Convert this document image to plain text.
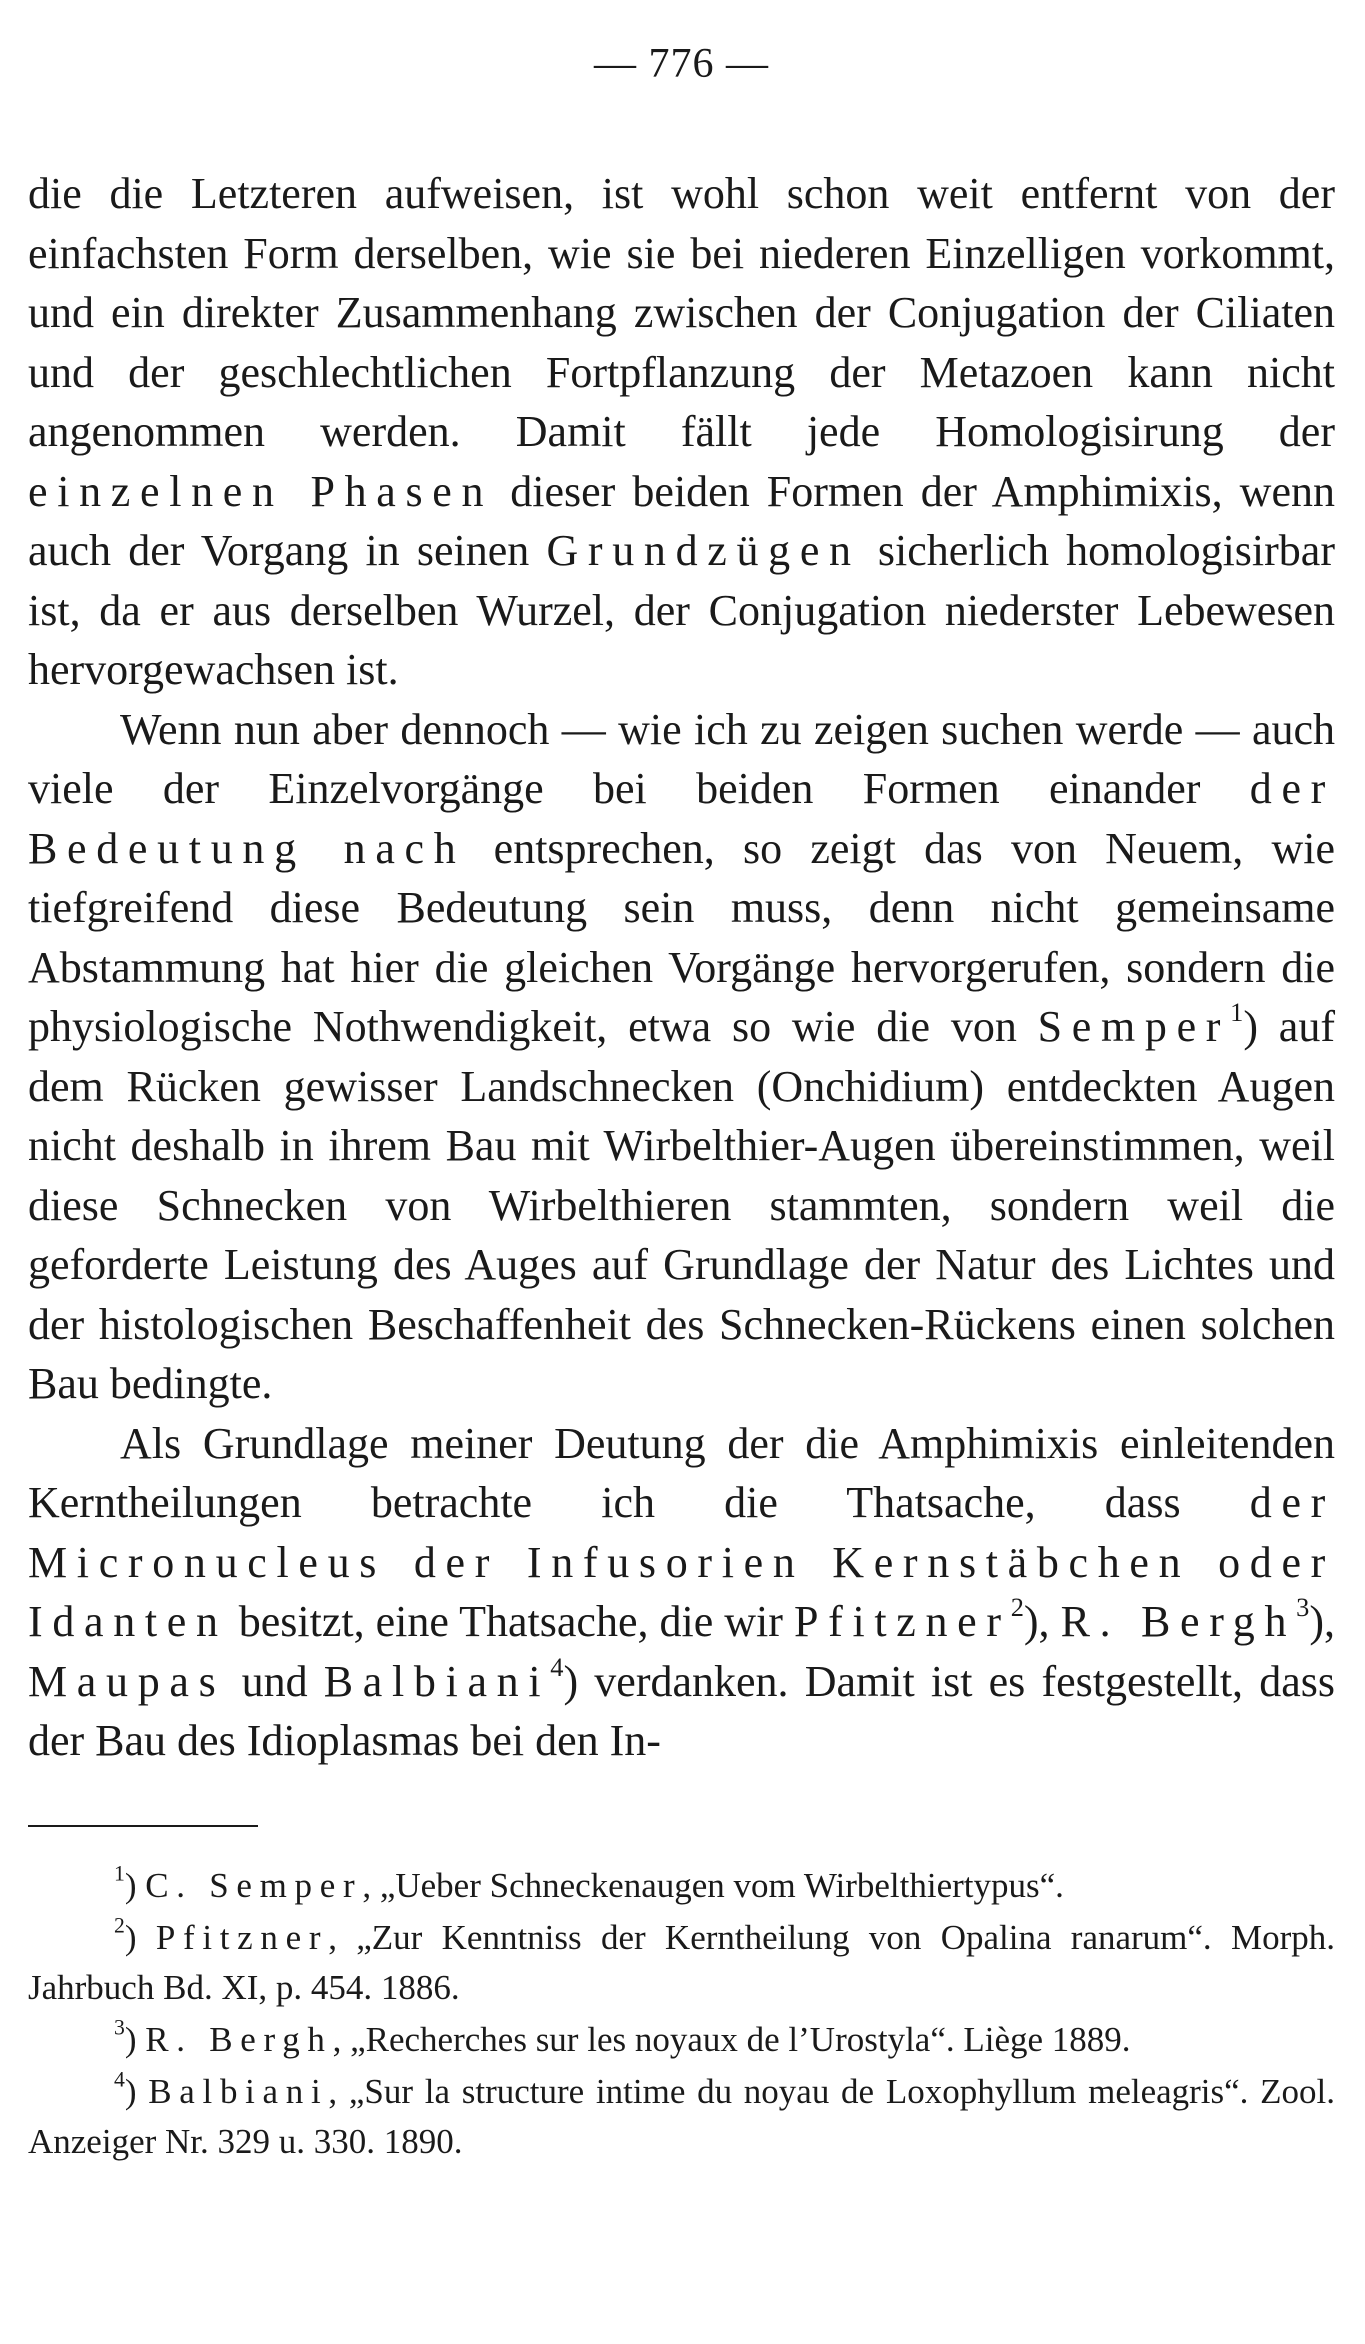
— 776 —

die die Letzteren aufweisen, ist wohl schon weit entfernt von der einfachsten Form derselben, wie sie bei niederen Einzelligen vorkommt, und ein direkter Zusammenhang zwischen der Conjugation der Ciliaten und der geschlechtlichen Fortpflanzung der Metazoen kann nicht angenommen werden. Damit fällt jede Homologisirung der einzelnen Phasen dieser beiden Formen der Amphimixis, wenn auch der Vorgang in seinen Grundzügen sicherlich homologisirbar ist, da er aus derselben Wurzel, der Conjugation niederster Lebewesen hervorgewachsen ist.

Wenn nun aber dennoch — wie ich zu zeigen suchen werde — auch viele der Einzelvorgänge bei beiden Formen einander der Bedeutung nach entsprechen, so zeigt das von Neuem, wie tiefgreifend diese Bedeutung sein muss, denn nicht gemeinsame Abstammung hat hier die gleichen Vorgänge hervorgerufen, sondern die physiologische Nothwendigkeit, etwa so wie die von Semper$^1$) auf dem Rücken gewisser Landschnecken (Onchidium) entdeckten Augen nicht deshalb in ihrem Bau mit Wirbelthier-Augen übereinstimmen, weil diese Schnecken von Wirbelthieren stammten, sondern weil die geforderte Leistung des Auges auf Grundlage der Natur des Lichtes und der histologischen Beschaffenheit des Schnecken-Rückens einen solchen Bau bedingte.

Als Grundlage meiner Deutung der die Amphimixis einleitenden Kerntheilungen betrachte ich die Thatsache, dass der Micronucleus der Infusorien Kernstäbchen oder Idanten besitzt, eine Thatsache, die wir Pfitzner$^2$), R. Bergh$^3$), Maupas und Balbiani$^4$) verdanken. Damit ist es festgestellt, dass der Bau des Idioplasmas bei den In-

$^1$) C. Semper, „Ueber Schneckenaugen vom Wirbelthiertypus“.

$^2$) Pfitzner, „Zur Kenntniss der Kerntheilung von Opalina ranarum“. Morph. Jahrbuch Bd. XI, p. 454. 1886.

$^3$) R. Bergh, „Recherches sur les noyaux de l’Urostyla“. Liège 1889.

$^4$) Balbiani, „Sur la structure intime du noyau de Loxophyllum meleagris“. Zool. Anzeiger Nr. 329 u. 330. 1890.
